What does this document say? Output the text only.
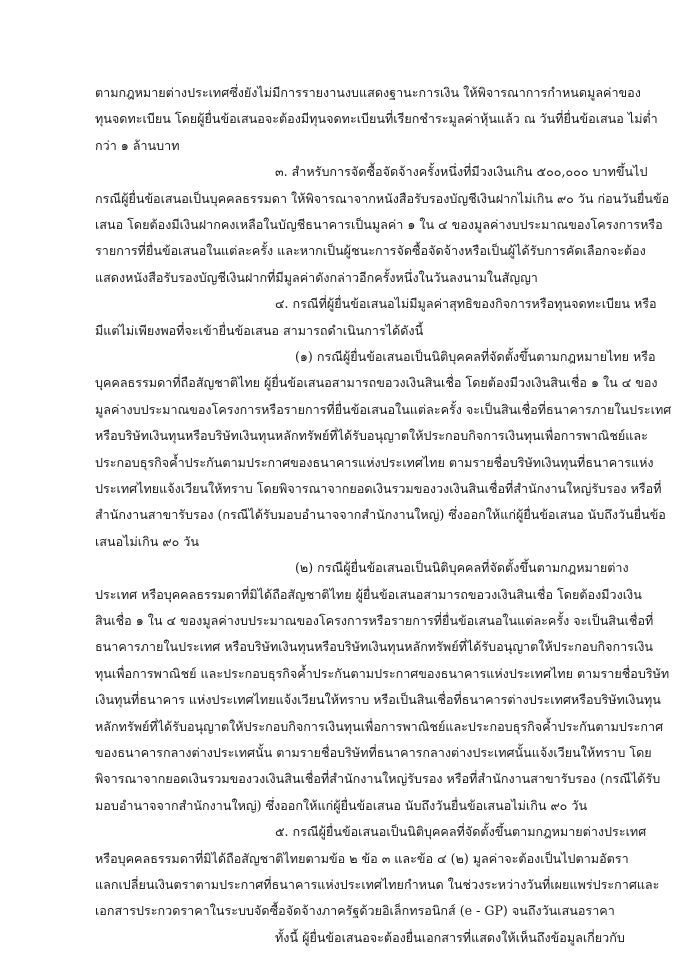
ตามกฎหมายต่างประเทศซึ่งยังไม่มีการรายงานงบแสดงฐานะการเงิน ให้พิจารณาการกำหนดมูลค่าของ
ทุนจดทะเบียน โดยผู้ยื่นข้อเสนอจะต้องมีทุนจดทะเบียนที่เรียกชำระมูลค่าหุ้นแล้ว ณ วันที่ยื่นข้อเสนอ ไม่ต่ำ
กว่า ๑ ล้านบาท
๓. สำหรับการจัดซื้อจัดจ้างครั้งหนึ่งที่มีวงเงินเกิน ๕๐๐,๐๐๐ บาทขึ้นไป
กรณีผู้ยื่นข้อเสนอเป็นบุคคลธรรมดา ให้พิจารณาจากหนังสือรับรองบัญชีเงินฝากไม่เกิน ๙๐ วัน ก่อนวันยื่นข้อ
เสนอ โดยต้องมีเงินฝากคงเหลือในบัญชีธนาคารเป็นมูลค่า ๑ ใน ๔ ของมูลค่างบประมาณของโครงการหรือ
รายการที่ยื่นข้อเสนอในแต่ละครั้ง และหากเป็นผู้ชนะการจัดซื้อจัดจ้างหรือเป็นผู้ได้รับการคัดเลือกจะต้อง
แสดงหนังสือรับรองบัญชีเงินฝากที่มีมูลค่าดังกล่าวอีกครั้งหนึ่งในวันลงนามในสัญญา
๔. กรณีที่ผู้ยื่นข้อเสนอไม่มีมูลค่าสุทธิของกิจการหรือทุนจดทะเบียน หรือ
มีแต่ไม่เพียงพอที่จะเข้ายื่นข้อเสนอ สามารถดำเนินการได้ดังนี้
(๑) กรณีผู้ยื่นข้อเสนอเป็นนิติบุคคลที่จัดตั้งขึ้นตามกฎหมายไทย หรือ
บุคคลธรรมดาที่ถือสัญชาติไทย ผู้ยื่นข้อเสนอสามารถขอวงเงินสินเชื่อ โดยต้องมีวงเงินสินเชื่อ ๑ ใน ๔ ของ
มูลค่างบประมาณของโครงการหรือรายการที่ยื่นข้อเสนอในแต่ละครั้ง จะเป็นสินเชื่อที่ธนาคารภายในประเทศ
หรือบริษัทเงินทุนหรือบริษัทเงินทุนหลักทรัพย์ที่ได้รับอนุญาตให้ประกอบกิจการเงินทุนเพื่อการพาณิชย์และ
ประกอบธุรกิจค้ำประกันตามประกาศของธนาคารแห่งประเทศไทย ตามรายชื่อบริษัทเงินทุนที่ธนาคารแห่ง
ประเทศไทยแจ้งเวียนให้ทราบ โดยพิจารณาจากยอดเงินรวมของวงเงินสินเชื่อที่สำนักงานใหญ่รับรอง หรือที่
สำนักงานสาขารับรอง (กรณีได้รับมอบอำนาจจากสำนักงานใหญ่) ซึ่งออกให้แก่ผู้ยื่นข้อเสนอ นับถึงวันยื่นข้อ
เสนอไม่เกิน ๙๐ วัน
(๒) กรณีผู้ยื่นข้อเสนอเป็นนิติบุคคลที่จัดตั้งขึ้นตามกฎหมายต่าง
ประเทศ หรือบุคคลธรรมดาที่มิได้ถือสัญชาติไทย ผู้ยื่นข้อเสนอสามารถขอวงเงินสินเชื่อ โดยต้องมีวงเงิน
สินเชื่อ ๑ ใน ๔ ของมูลค่างบประมาณของโครงการหรือรายการที่ยื่นข้อเสนอในแต่ละครั้ง จะเป็นสินเชื่อที่
ธนาคารภายในประเทศ หรือบริษัทเงินทุนหรือบริษัทเงินทุนหลักทรัพย์ที่ได้รับอนุญาตให้ประกอบกิจการเงิน
ทุนเพื่อการพาณิชย์ และประกอบธุรกิจค้ำประกันตามประกาศของธนาคารแห่งประเทศไทย ตามรายชื่อบริษัท
เงินทุนที่ธนาคาร แห่งประเทศไทยแจ้งเวียนให้ทราบ หรือเป็นสินเชื่อที่ธนาคารต่างประเทศหรือบริษัทเงินทุน
หลักทรัพย์ที่ได้รับอนุญาตให้ประกอบกิจการเงินทุนเพื่อการพาณิชย์และประกอบธุรกิจค้ำประกันตามประกาศ
ของธนาคารกลางต่างประเทศนั้น ตามรายชื่อบริษัทที่ธนาคารกลางต่างประเทศนั้นแจ้งเวียนให้ทราบ โดย
พิจารณาจากยอดเงินรวมของวงเงินสินเชื่อที่สำนักงานใหญ่รับรอง หรือที่สำนักงานสาขารับรอง (กรณีได้รับ
มอบอำนาจจากสำนักงานใหญ่) ซึ่งออกให้แก่ผู้ยื่นข้อเสนอ นับถึงวันยื่นข้อเสนอไม่เกิน ๙๐ วัน
๕. กรณีผู้ยื่นข้อเสนอเป็นนิติบุคคลที่จัดตั้งขึ้นตามกฎหมายต่างประเทศ
หรือบุคคลธรรมดาที่มิได้ถือสัญชาติไทยตามข้อ ๒ ข้อ ๓ และข้อ ๔ (๒) มูลค่าจะต้องเป็นไปตามอัตรา
แลกเปลี่ยนเงินตราตามประกาศที่ธนาคารแห่งประเทศไทยกำหนด ในช่วงระหว่างวันที่เผยแพร่ประกาศและ
เอกสารประกวดราคาในระบบจัดซื้อจัดจ้างภาครัฐด้วยอิเล็กทรอนิกส์ (e - GP) จนถึงวันเสนอราคา
ทั้งนี้ ผู้ยื่นข้อเสนอจะต้องยื่นเอกสารที่แสดงให้เห็นถึงข้อมูลเกี่ยวกับ
